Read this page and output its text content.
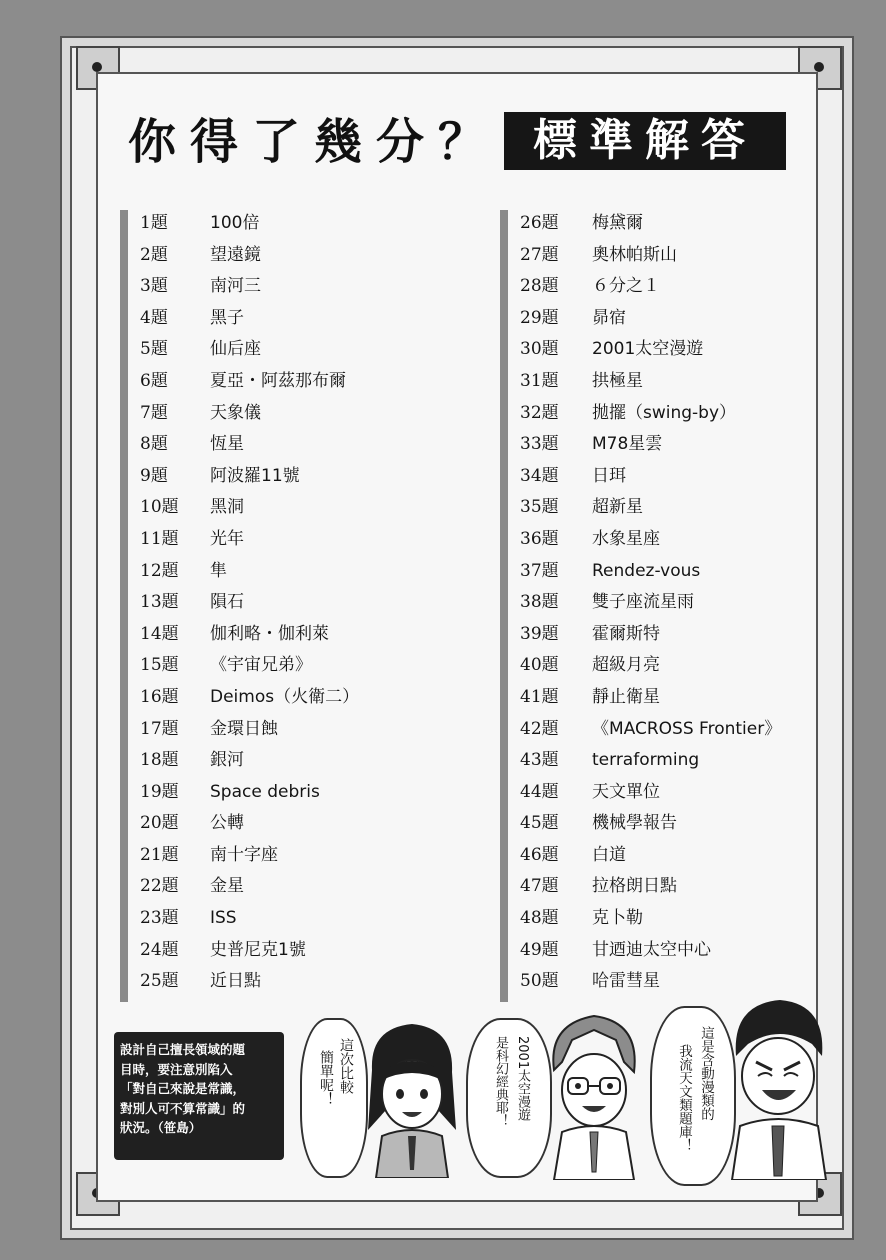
你得了幾分？ 標準解答
1題	100倍
2題	望遠鏡
3題	南河三
4題	黑子
5題	仙后座
6題	夏亞・阿茲那布爾
7題	天象儀
8題	恆星
9題	阿波羅11號
10題	黑洞
11題	光年
12題	隼
13題	隕石
14題	伽利略・伽利萊
15題	《宇宙兄弟》
16題	Deimos（火衛二）
17題	金環日蝕
18題	銀河
19題	Space debris
20題	公轉
21題	南十字座
22題	金星
23題	ISS
24題	史普尼克1號
25題	近日點
26題	梅黛爾
27題	奧林帕斯山
28題	６分之１
29題	昴宿
30題	2001太空漫遊
31題	拱極星
32題	拋擺（swing-by）
33題	M78星雲
34題	日珥
35題	超新星
36題	水象星座
37題	Rendez-vous
38題	雙子座流星雨
39題	霍爾斯特
40題	超級月亮
41題	靜止衛星
42題	《MACROSS Frontier》
43題	terraforming
44題	天文單位
45題	機械學報告
46題	白道
47題	拉格朗日點
48題	克卜勒
49題	甘迺迪太空中心
50題	哈雷彗星
設計自己擅長領域的題
目時，要注意別陷入
「對自己來說是常識，
對別人可不算常識」的
狀況。（笹島）
這次比較
簡單呢！	2001太空漫遊
是科幻經典耶！	這是含動漫類的
我流天文類題庫！
